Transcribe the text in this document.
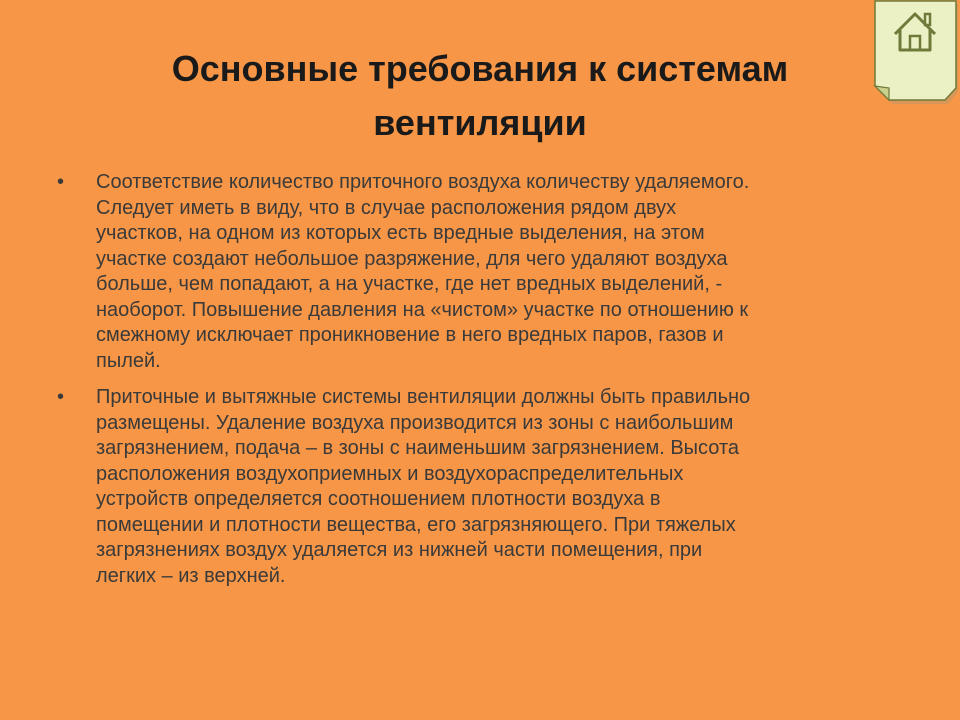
Основные требования к системам
вентиляции
• Соответствие количество приточного воздуха количеству удаляемого.
Следует иметь в виду, что в случае расположения рядом двух
участков, на одном из которых есть вредные выделения, на этом
участке создают небольшое разряжение, для чего удаляют воздуха
больше, чем попадают, а на участке, где нет вредных выделений, -
наоборот. Повышение давления на «чистом» участке по отношению к
смежному исключает проникновение в него вредных паров, газов и
пылей.
• Приточные и вытяжные системы вентиляции должны быть правильно
размещены. Удаление воздуха производится из зоны с наибольшим
загрязнением, подача – в зоны с наименьшим загрязнением. Высота
расположения воздухоприемных и воздухораспределительных
устройств определяется соотношением плотности воздуха в
помещении и плотности вещества, его загрязняющего. При тяжелых
загрязнениях воздух удаляется из нижней части помещения, при
легких – из верхней.
